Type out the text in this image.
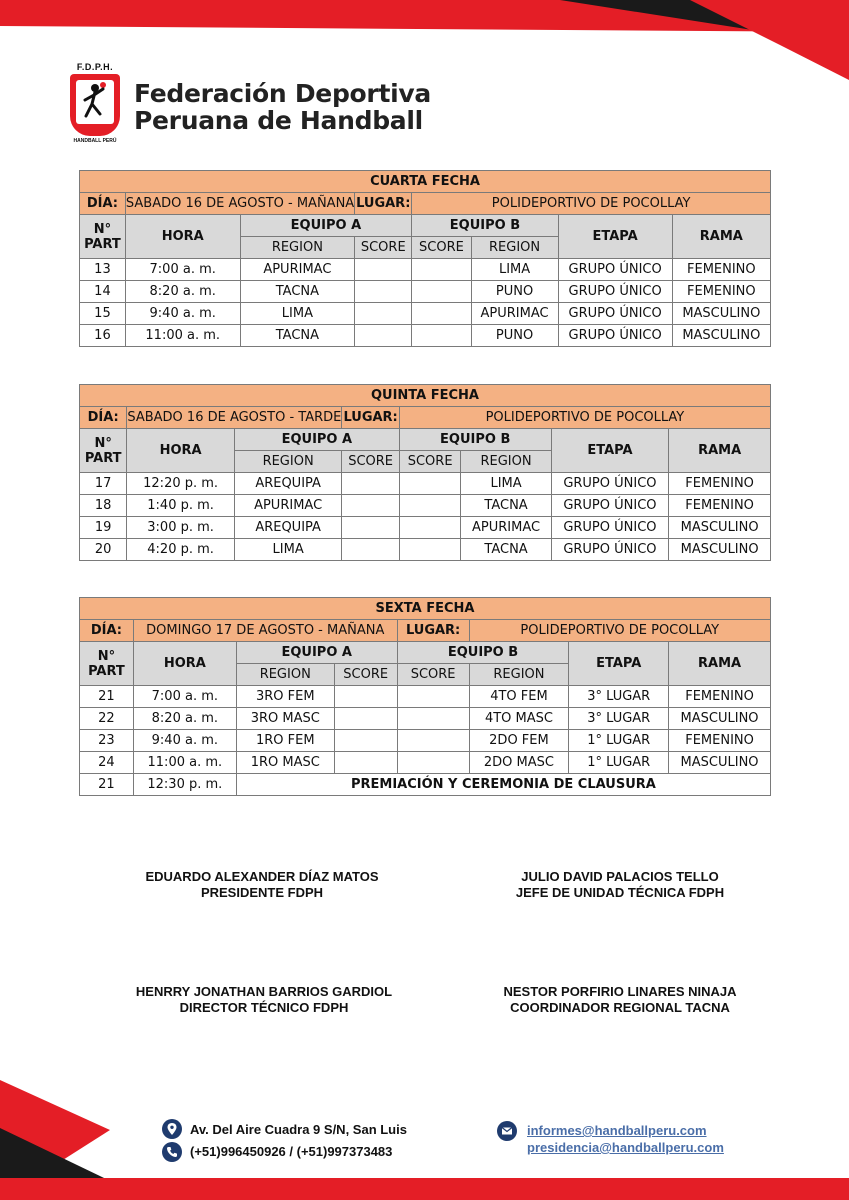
F.D.P.H.
HANDBALL PERÚ
Federación Deportiva
Peruana de Handball
CUARTA FECHA							
DÍA:	SABADO 16 DE AGOSTO - MAÑANA		LUGAR:	POLIDEPORTIVO DE POCOLLAY			
N°
PART	HORA	EQUIPO A		EQUIPO B		ETAPA	RAMA
		REGION	SCORE	SCORE	REGION		
13	7:00 a. m.	APURIMAC			LIMA	GRUPO ÚNICO	FEMENINO
14	8:20 a. m.	TACNA			PUNO	GRUPO ÚNICO	FEMENINO
15	9:40 a. m.	LIMA			APURIMAC	GRUPO ÚNICO	MASCULINO
16	11:00 a. m.	TACNA			PUNO	GRUPO ÚNICO	MASCULINO
QUINTA FECHA							
DÍA:	SABADO 16 DE AGOSTO - TARDE		LUGAR:	POLIDEPORTIVO DE POCOLLAY			
N°
PART	HORA	EQUIPO A		EQUIPO B		ETAPA	RAMA
		REGION	SCORE	SCORE	REGION		
17	12:20 p. m.	AREQUIPA			LIMA	GRUPO ÚNICO	FEMENINO
18	1:40 p. m.	APURIMAC			TACNA	GRUPO ÚNICO	FEMENINO
19	3:00 p. m.	AREQUIPA			APURIMAC	GRUPO ÚNICO	MASCULINO
20	4:20 p. m.	LIMA			TACNA	GRUPO ÚNICO	MASCULINO
SEXTA FECHA							
DÍA:	DOMINGO 17 DE AGOSTO - MAÑANA			LUGAR:	POLIDEPORTIVO DE POCOLLAY		
N°
PART	HORA	EQUIPO A		EQUIPO B		ETAPA	RAMA
		REGION	SCORE	SCORE	REGION		
21	7:00 a. m.	3RO FEM			4TO FEM	3° LUGAR	FEMENINO
22	8:20 a. m.	3RO MASC			4TO MASC	3° LUGAR	MASCULINO
23	9:40 a. m.	1RO FEM			2DO FEM	1° LUGAR	FEMENINO
24	11:00 a. m.	1RO MASC			2DO MASC	1° LUGAR	MASCULINO
21	12:30 p. m.	PREMIACIÓN Y CEREMONIA DE CLAUSURA					
EDUARDO ALEXANDER DÍAZ MATOS
PRESIDENTE FDPH
JULIO DAVID PALACIOS TELLO
JEFE DE UNIDAD TÉCNICA FDPH
HENRRY JONATHAN BARRIOS GARDIOL
DIRECTOR TÉCNICO FDPH
NESTOR PORFIRIO LINARES NINAJA
COORDINADOR REGIONAL TACNA
Av. Del Aire Cuadra 9 S/N, San Luis
(+51)996450926 / (+51)997373483
informes@handballperu.com
presidencia@handballperu.com
